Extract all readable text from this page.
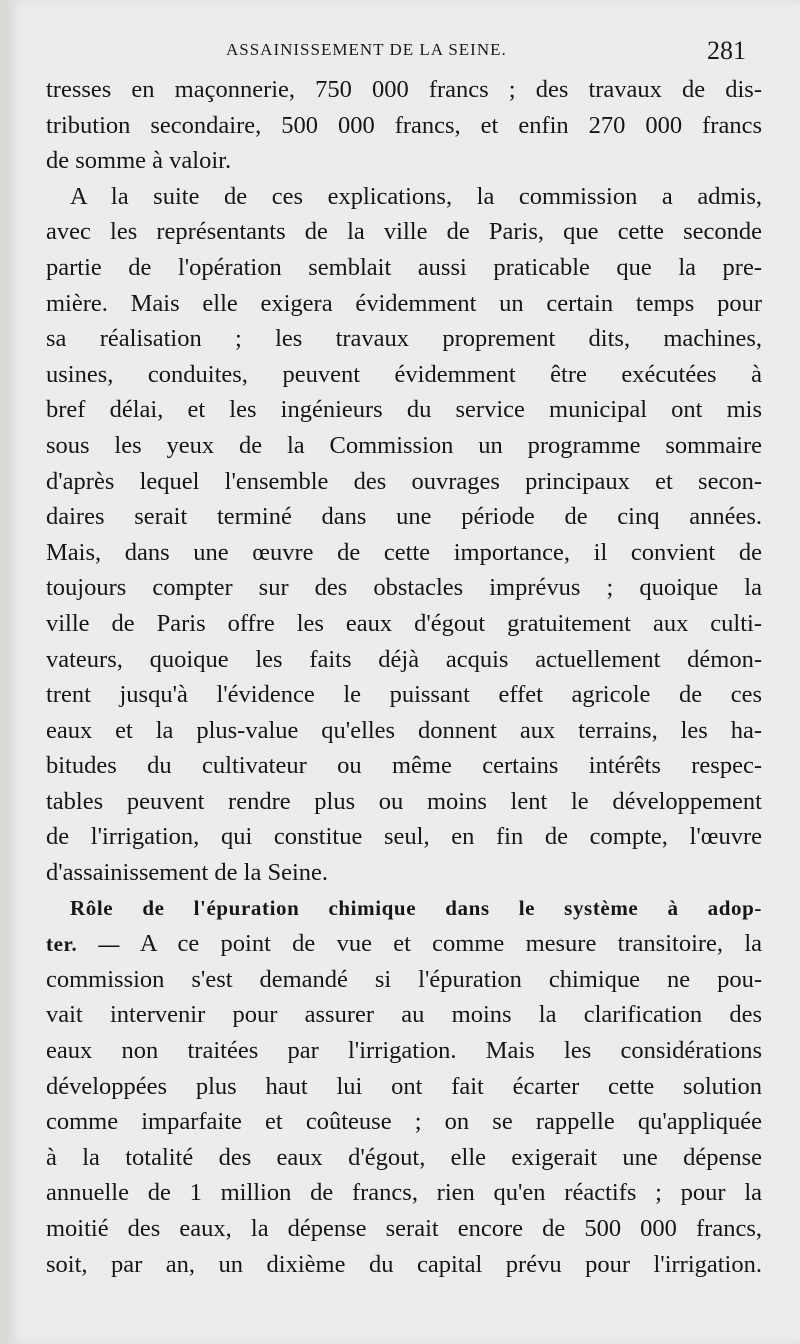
ASSAINISSEMENT DE LA SEINE.	281
tresses en maçonnerie, 750 000 francs ; des travaux de dis-
tribution secondaire, 500 000 francs, et enfin 270 000 francs
de somme à valoir.
A la suite de ces explications, la commission a admis,
avec les représentants de la ville de Paris, que cette seconde
partie de l'opération semblait aussi praticable que la pre-
mière. Mais elle exigera évidemment un certain temps pour
sa réalisation ; les travaux proprement dits, machines,
usines, conduites, peuvent évidemment être exécutées à
bref délai, et les ingénieurs du service municipal ont mis
sous les yeux de la Commission un programme sommaire
d'après lequel l'ensemble des ouvrages principaux et secon-
daires serait terminé dans une période de cinq années.
Mais, dans une œuvre de cette importance, il convient de
toujours compter sur des obstacles imprévus ; quoique la
ville de Paris offre les eaux d'égout gratuitement aux culti-
vateurs, quoique les faits déjà acquis actuellement démon-
trent jusqu'à l'évidence le puissant effet agricole de ces
eaux et la plus-value qu'elles donnent aux terrains, les ha-
bitudes du cultivateur ou même certains intérêts respec-
tables peuvent rendre plus ou moins lent le développement
de l'irrigation, qui constitue seul, en fin de compte, l'œuvre
d'assainissement de la Seine.
Rôle de l'épuration chimique dans le système à adop-
ter. — A ce point de vue et comme mesure transitoire, la
commission s'est demandé si l'épuration chimique ne pou-
vait intervenir pour assurer au moins la clarification des
eaux non traitées par l'irrigation. Mais les considérations
développées plus haut lui ont fait écarter cette solution
comme imparfaite et coûteuse ; on se rappelle qu'appliquée
à la totalité des eaux d'égout, elle exigerait une dépense
annuelle de 1 million de francs, rien qu'en réactifs ; pour la
moitié des eaux, la dépense serait encore de 500 000 francs,
soit, par an, un dixième du capital prévu pour l'irrigation.
